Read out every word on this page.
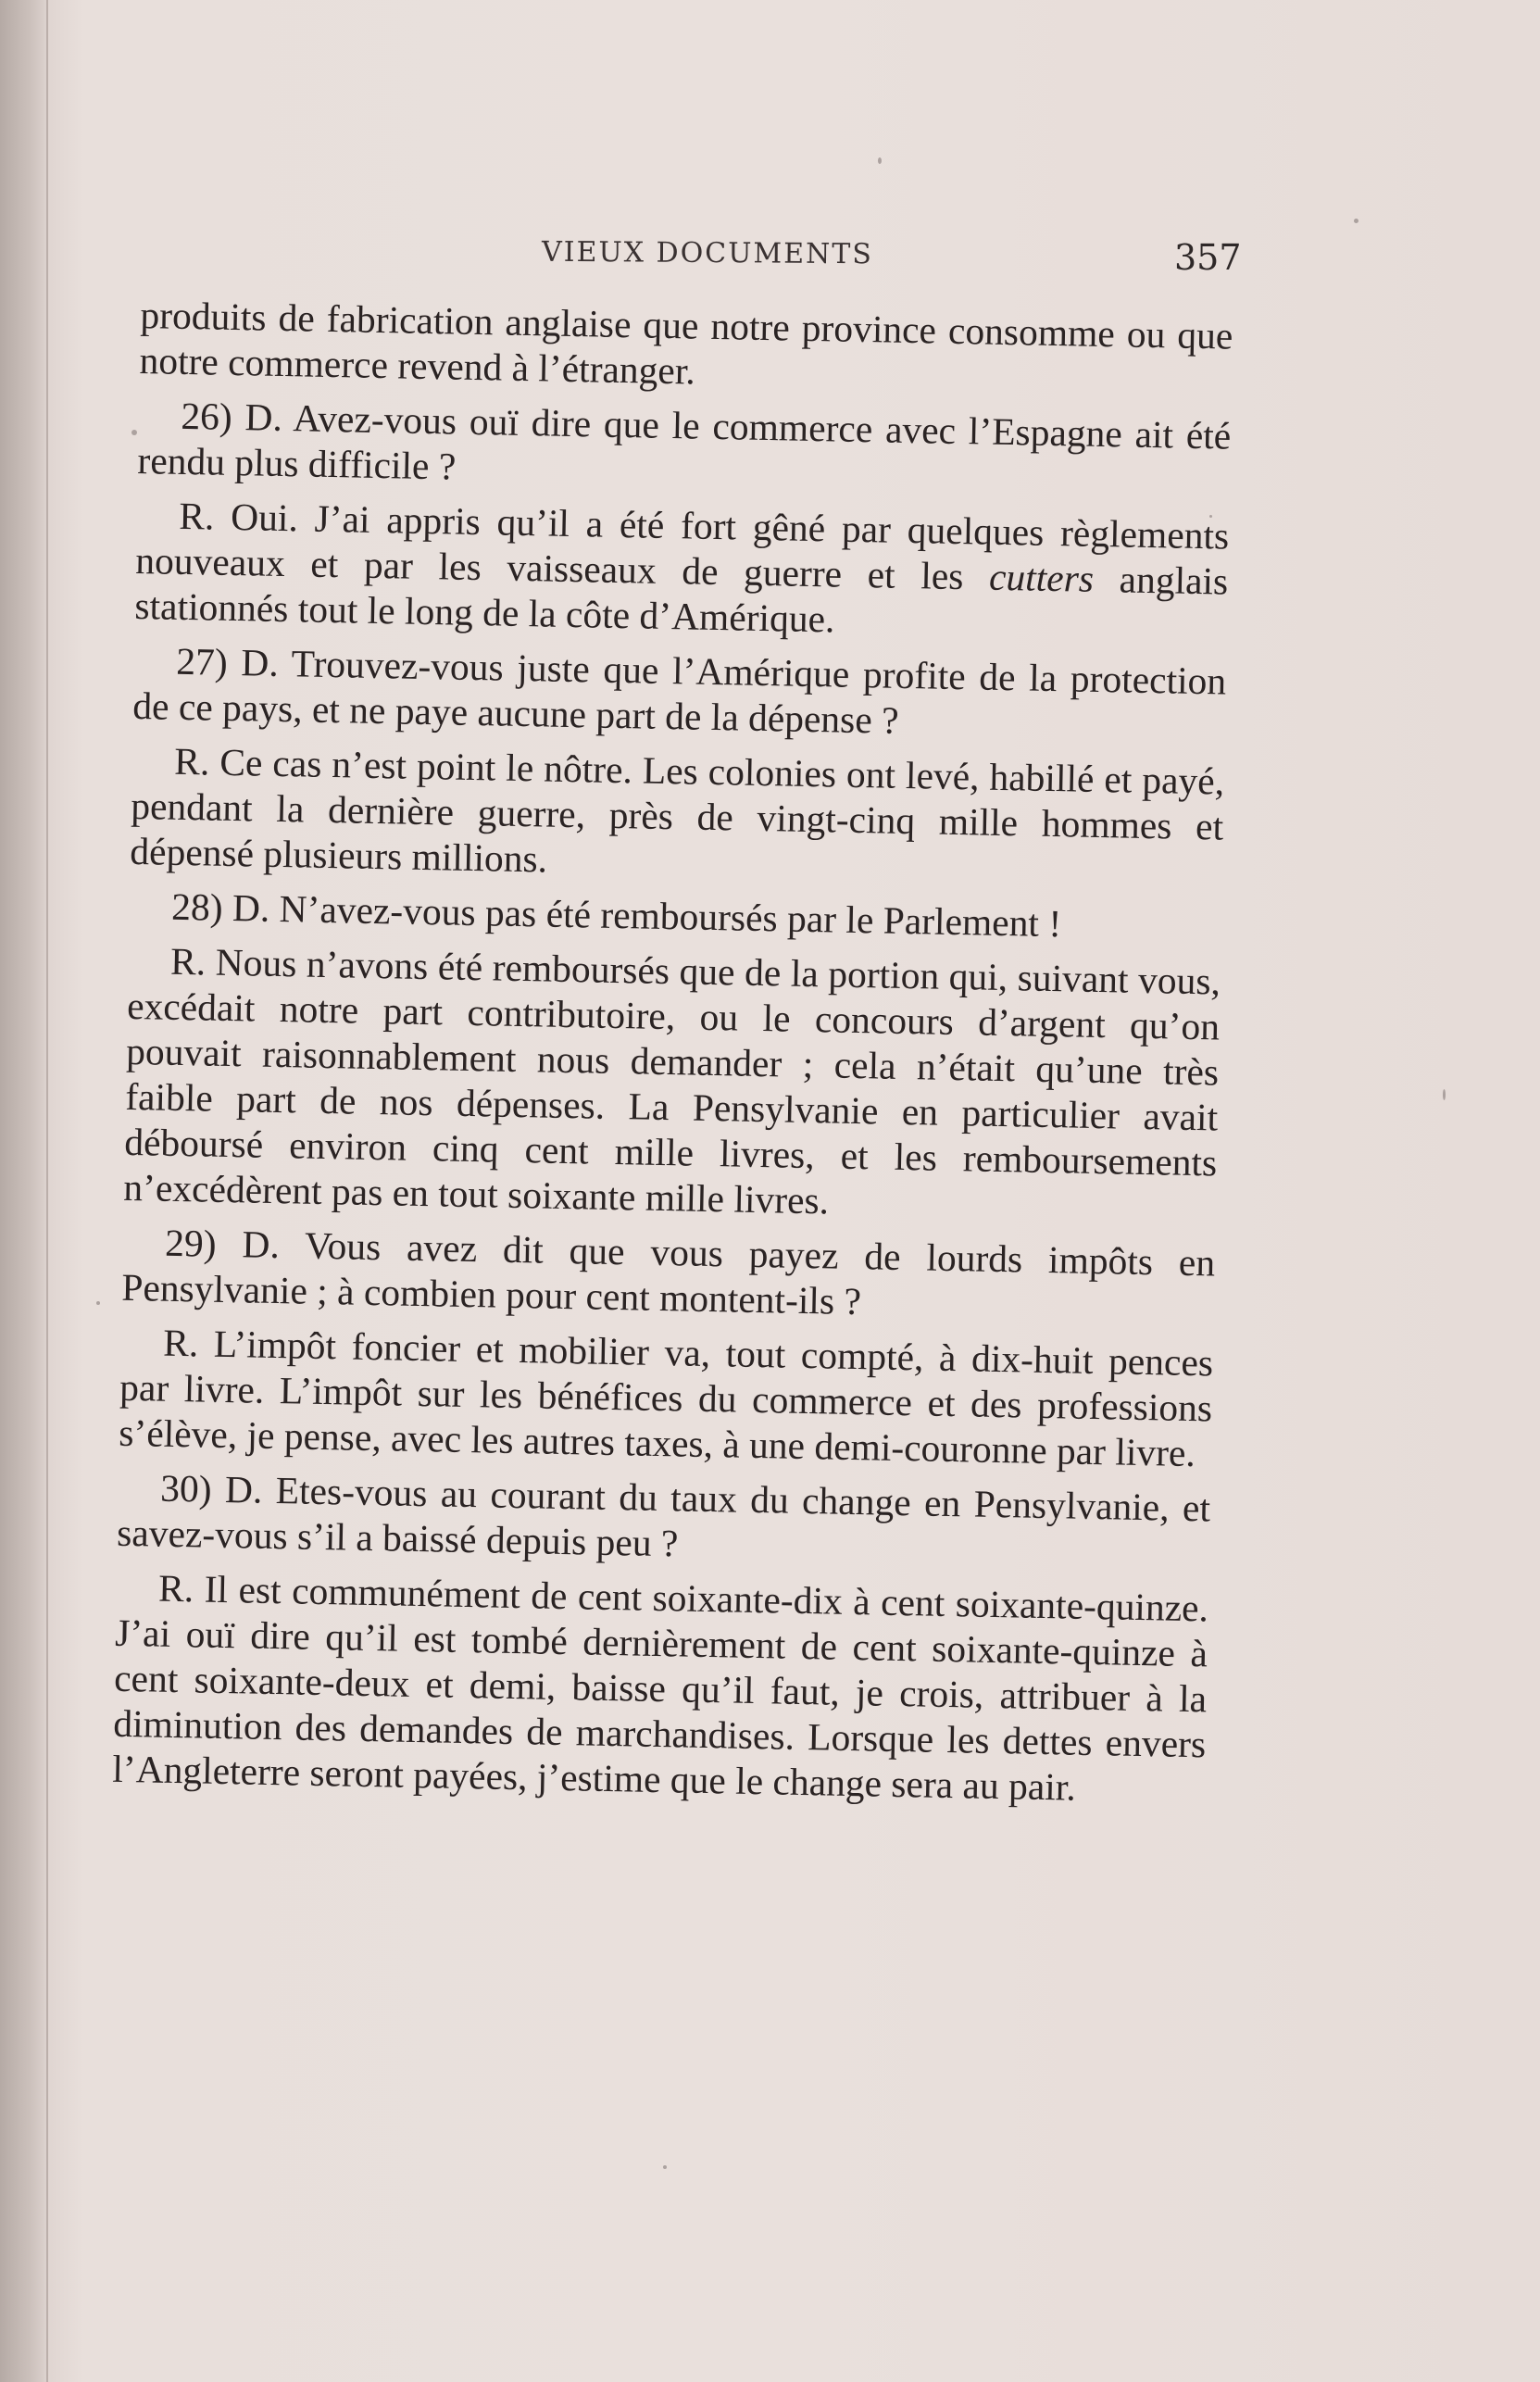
VIEUX DOCUMENTS	357

produits de fabrication anglaise que notre province consomme ou que notre commerce revend à l’étranger.

26) D. Avez-vous ouï dire que le commerce avec l’Espagne ait été rendu plus difficile ?

R. Oui. J’ai appris qu’il a été fort gêné par quelques règlements nouveaux et par les vaisseaux de guerre et les cutters anglais stationnés tout le long de la côte d’Amérique.

27) D. Trouvez-vous juste que l’Amérique profite de la protection de ce pays, et ne paye aucune part de la dépense ?

R. Ce cas n’est point le nôtre. Les colonies ont levé, habillé et payé, pendant la dernière guerre, près de vingt-cinq mille hommes et dépensé plusieurs millions.

28) D. N’avez-vous pas été remboursés par le Parlement !

R. Nous n’avons été remboursés que de la portion qui, suivant vous, excédait notre part contributoire, ou le concours d’argent qu’on pouvait raisonnablement nous demander ; cela n’était qu’une très faible part de nos dépenses. La Pensylvanie en particulier avait déboursé environ cinq cent mille livres, et les remboursements n’excédèrent pas en tout soixante mille livres.

29) D. Vous avez dit que vous payez de lourds impôts en Pensylvanie ; à combien pour cent montent-ils ?

R. L’impôt foncier et mobilier va, tout compté, à dix-huit pences par livre. L’impôt sur les bénéfices du commerce et des professions s’élève, je pense, avec les autres taxes, à une demi-couronne par livre.

30) D. Etes-vous au courant du taux du change en Pensylvanie, et savez-vous s’il a baissé depuis peu ?

R. Il est communément de cent soixante-dix à cent soixante-quinze. J’ai ouï dire qu’il est tombé dernièrement de cent soixante-quinze à cent soixante-deux et demi, baisse qu’il faut, je crois, attribuer à la diminution des demandes de marchandises. Lorsque les dettes envers l’Angleterre seront payées, j’estime que le change sera au pair.
